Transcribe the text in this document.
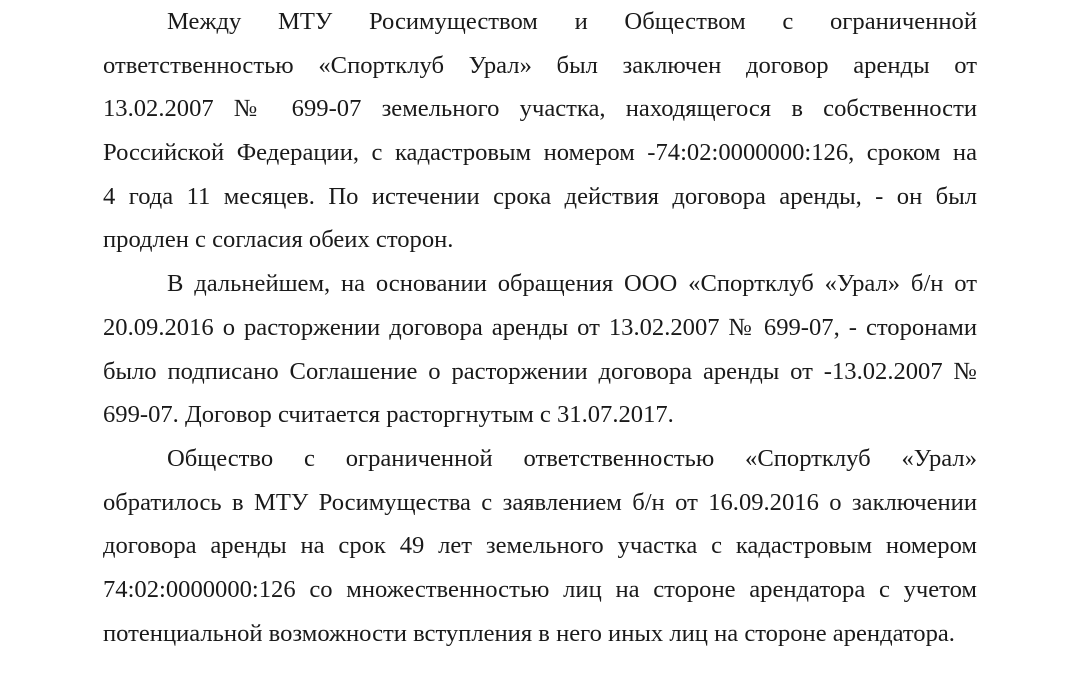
Между МТУ Росимуществом и Обществом с ограниченной
ответственностью «Спортклуб Урал» был заключен договор аренды от
13.02.2007 № 699-07 земельного участка, находящегося в собственности
Российской Федерации, с кадастровым номером -74:02:0000000:126, сроком на
4 года 11 месяцев. По истечении срока действия договора аренды, - он был
продлен с согласия обеих сторон.
В дальнейшем, на основании обращения ООО «Спортклуб «Урал» б/н от
20.09.2016 о расторжении договора аренды от 13.02.2007 № 699-07, - сторонами
было подписано Соглашение о расторжении договора аренды от -13.02.2007 №
699-07. Договор считается расторгнутым с 31.07.2017.
Общество с ограниченной ответственностью «Спортклуб «Урал»
обратилось в МТУ Росимущества с заявлением б/н от 16.09.2016 о заключении
договора аренды на срок 49 лет земельного участка с кадастровым номером
74:02:0000000:126 со множественностью лиц на стороне арендатора с учетом
потенциальной возможности вступления в него иных лиц на стороне арендатора.
